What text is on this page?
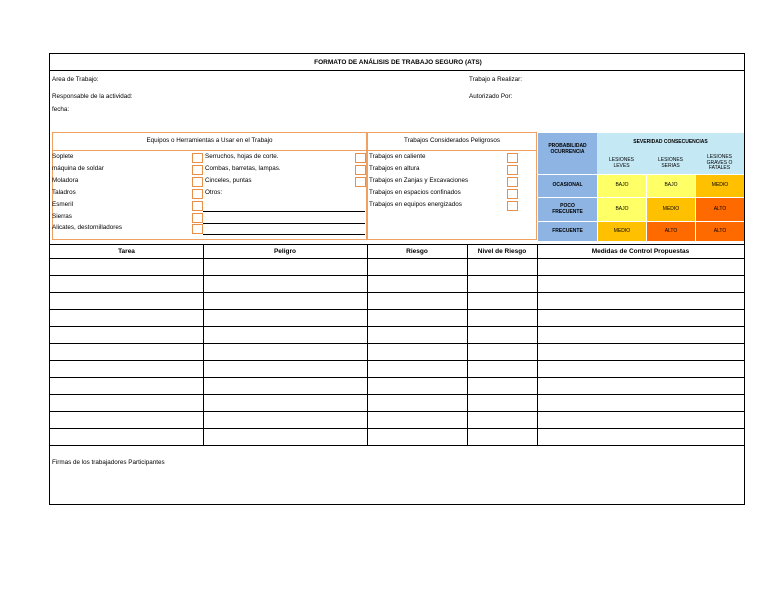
FORMATO DE ANÁLISIS DE TRABAJO SEGURO (ATS)
Area de Trabajo:
Responsable de la actividad:
fecha:
Trabajo a Realizar:
Autorizado Por:
Equipos o Herramientas a Usar en el Trabajo
Soplete
máquina de soldar
Moladora
Taladros
Esmeril
Sierras
Alicates, destornilladores
Serruchos, hojas de corte.
Combas, barretas, lampas.
Cinceles, puntas
Otros:
Trabajos Considerados Peligrosos
Trabajos en caliente
Trabajos en altura
Trabajos en Zanjas y Excavaciones
Trabajos en espacios confinados
Trabajos en equipos energizados
PROBABILIDAD OCURRENCIA
SEVERIDAD CONSECUENCIAS
LESIONES LEVES
LESIONES SERIAS
LESIONES GRAVES O FATALES
OCASIONAL	BAJO	BAJO	MEDIO
POCO FRECUENTE	BAJO	MEDIO	ALTO
FRECUENTE	MEDIO	ALTO	ALTO
Tarea	Peligro	Riesgo	Nivel de Riesgo	Medidas de Control Propuestas
Firmas de los trabajadores Participantes
